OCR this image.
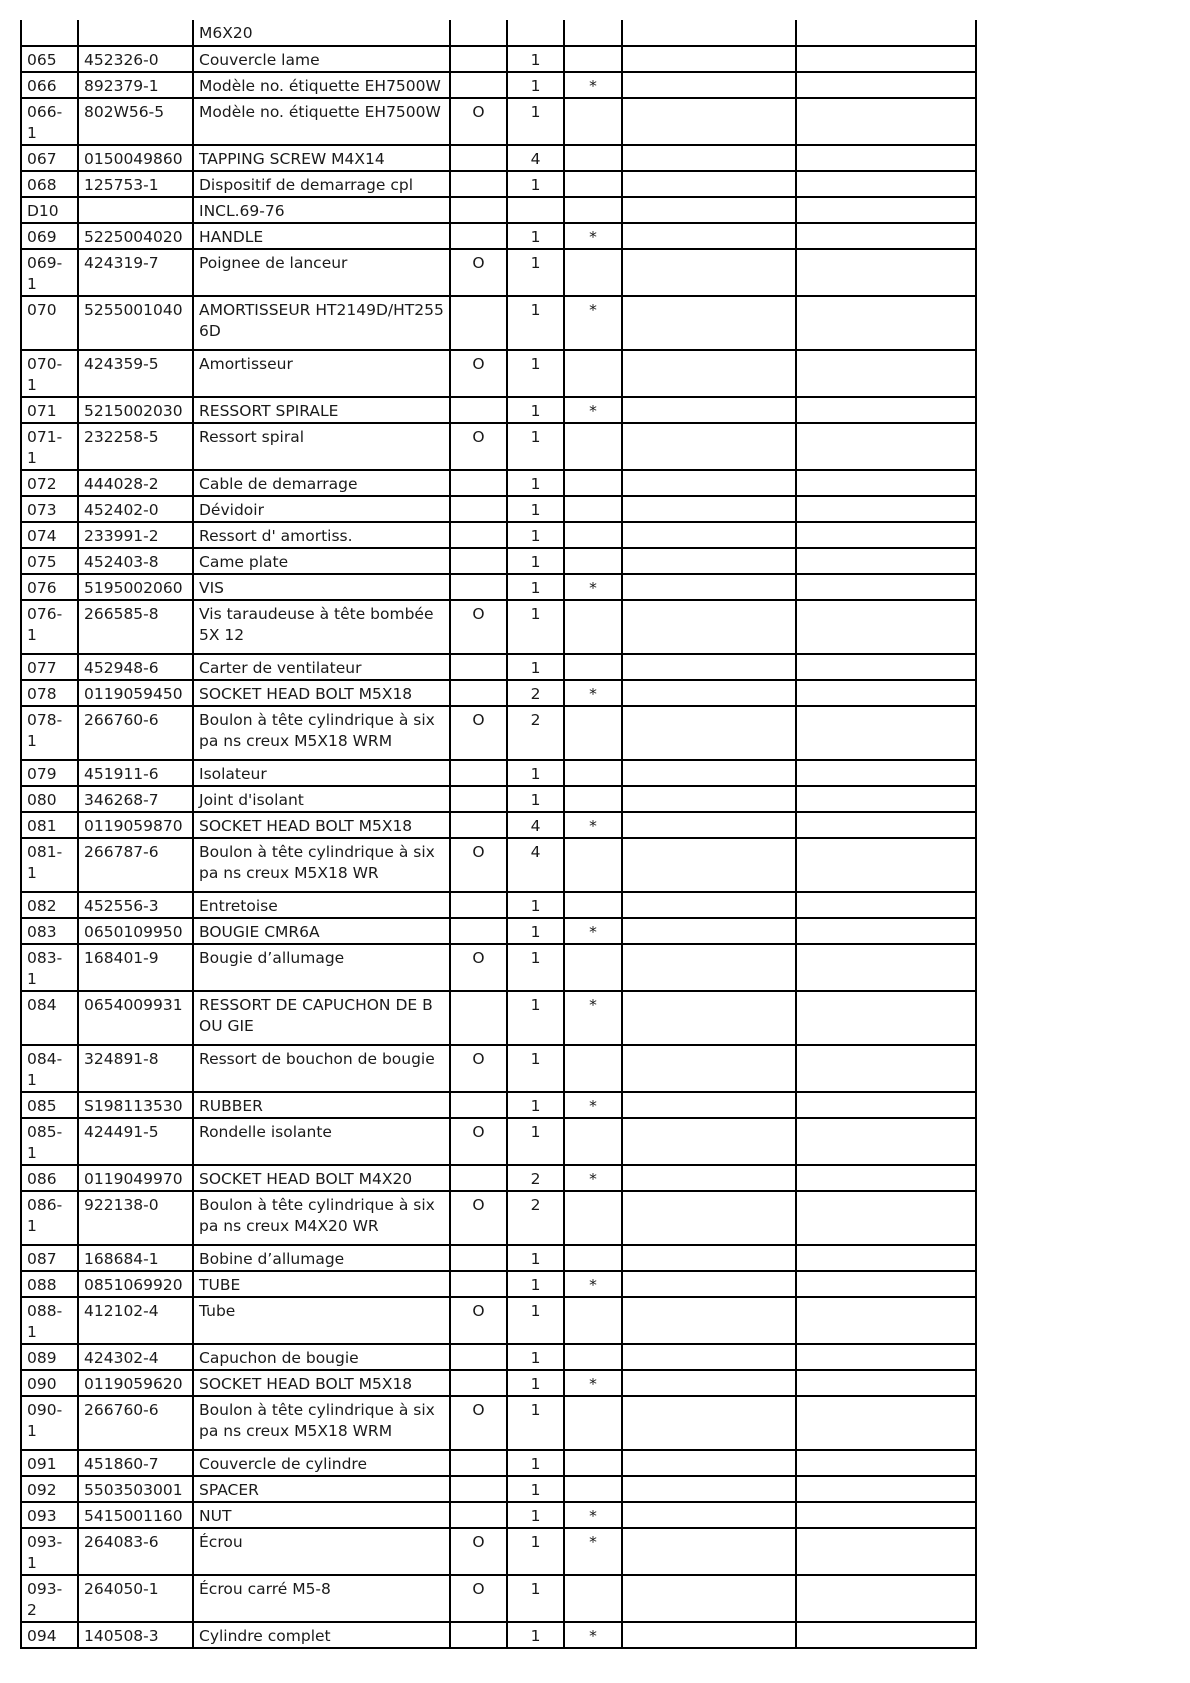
		M6X20					
065	452326-0	Couvercle lame		1			
066	892379-1	Modèle no. étiquette EH7500W		1	*		
066-1	802W56-5	Modèle no. étiquette EH7500W	O	1			
067	0150049860	TAPPING SCREW M4X14		4			
068	125753-1	Dispositif de demarrage cpl		1			
D10		INCL.69-76					
069	5225004020	HANDLE		1	*		
069-1	424319-7	Poignee de lanceur	O	1			
070	5255001040	AMORTISSEUR HT2149D/HT255 6D		1	*		
070-1	424359-5	Amortisseur	O	1			
071	5215002030	RESSORT SPIRALE		1	*		
071-1	232258-5	Ressort spiral	O	1			
072	444028-2	Cable de demarrage		1			
073	452402-0	Dévidoir		1			
074	233991-2	Ressort d' amortiss.		1			
075	452403-8	Came plate		1			
076	5195002060	VIS		1	*		
076-1	266585-8	Vis taraudeuse à tête bombée 5X 12	O	1			
077	452948-6	Carter de ventilateur		1			
078	0119059450	SOCKET HEAD BOLT M5X18		2	*		
078-1	266760-6	Boulon à tête cylindrique à six pa ns creux M5X18 WRM	O	2			
079	451911-6	Isolateur		1			
080	346268-7	Joint d'isolant		1			
081	0119059870	SOCKET HEAD BOLT M5X18		4	*		
081-1	266787-6	Boulon à tête cylindrique à six pa ns creux M5X18 WR	O	4			
082	452556-3	Entretoise		1			
083	0650109950	BOUGIE CMR6A		1	*		
083-1	168401-9	Bougie d’allumage	O	1			
084	0654009931	RESSORT DE CAPUCHON DE BOU GIE		1	*		
084-1	324891-8	Ressort de bouchon de bougie	O	1			
085	S198113530	RUBBER		1	*		
085-1	424491-5	Rondelle isolante	O	1			
086	0119049970	SOCKET HEAD BOLT M4X20		2	*		
086-1	922138-0	Boulon à tête cylindrique à six pa ns creux M4X20 WR	O	2			
087	168684-1	Bobine d’allumage		1			
088	0851069920	TUBE		1	*		
088-1	412102-4	Tube	O	1			
089	424302-4	Capuchon de bougie		1			
090	0119059620	SOCKET HEAD BOLT M5X18		1	*		
090-1	266760-6	Boulon à tête cylindrique à six pa ns creux M5X18 WRM	O	1			
091	451860-7	Couvercle de cylindre		1			
092	5503503001	SPACER		1			
093	5415001160	NUT		1	*		
093-1	264083-6	Écrou	O	1	*		
093-2	264050-1	Écrou carré M5-8	O	1			
094	140508-3	Cylindre complet		1	*		
